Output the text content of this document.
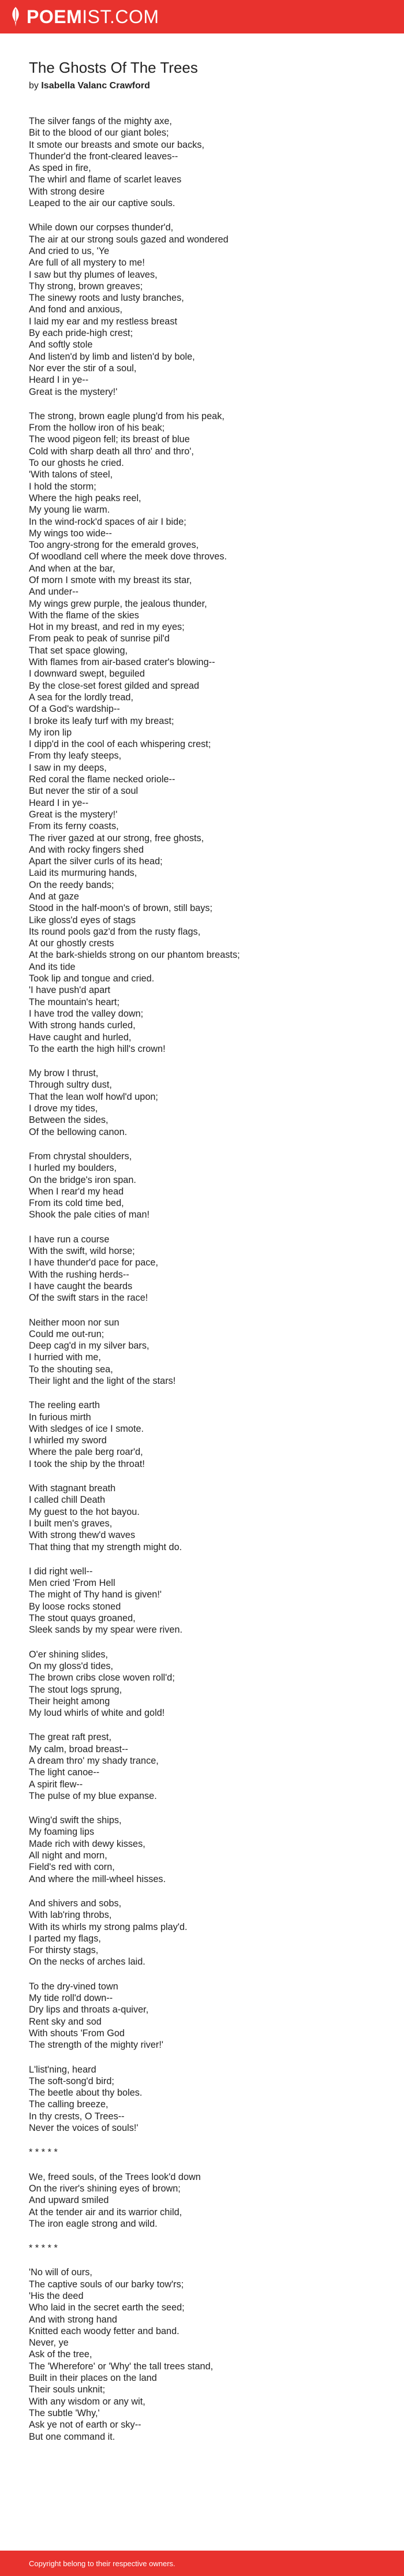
POEM IST.COM
The Ghosts Of The Trees
by Isabella Valanc Crawford
The silver fangs of the mighty axe,
Bit to the blood of our giant boles;
It smote our breasts and smote our backs,
Thunder'd the front-cleared leaves--
As sped in fire,
The whirl and flame of scarlet leaves
With strong desire
Leaped to the air our captive souls.
While down our corpses thunder'd,
The air at our strong souls gazed and wondered
And cried to us, 'Ye
Are full of all mystery to me!
I saw but thy plumes of leaves,
Thy strong, brown greaves;
The sinewy roots and lusty branches,
And fond and anxious,
I laid my ear and my restless breast
By each pride-high crest;
And softly stole
And listen'd by limb and listen'd by bole,
Nor ever the stir of a soul,
Heard I in ye--
Great is the mystery!'
The strong, brown eagle plung'd from his peak,
From the hollow iron of his beak;
The wood pigeon fell; its breast of blue
Cold with sharp death all thro' and thro',
To our ghosts he cried.
'With talons of steel,
I hold the storm;
Where the high peaks reel,
My young lie warm.
In the wind-rock'd spaces of air I bide;
My wings too wide--
Too angry-strong for the emerald groves,
Of woodland cell where the meek dove throves.
And when at the bar,
Of morn I smote with my breast its star,
And under--
My wings grew purple, the jealous thunder,
With the flame of the skies
Hot in my breast, and red in my eyes;
From peak to peak of sunrise pil'd
That set space glowing,
With flames from air-based crater's blowing--
I downward swept, beguiled
By the close-set forest gilded and spread
A sea for the lordly tread,
Of a God's wardship--
I broke its leafy turf with my breast;
My iron lip
I dipp'd in the cool of each whispering crest;
From thy leafy steeps,
I saw in my deeps,
Red coral the flame necked oriole--
But never the stir of a soul
Heard I in ye--
Great is the mystery!'
From its ferny coasts,
The river gazed at our strong, free ghosts,
And with rocky fingers shed
Apart the silver curls of its head;
Laid its murmuring hands,
On the reedy bands;
And at gaze
Stood in the half-moon's of brown, still bays;
Like gloss'd eyes of stags
Its round pools gaz'd from the rusty flags,
At our ghostly crests
At the bark-shields strong on our phantom breasts;
And its tide
Took lip and tongue and cried.
'I have push'd apart
The mountain's heart;
I have trod the valley down;
With strong hands curled,
Have caught and hurled,
To the earth the high hill's crown!
My brow I thrust,
Through sultry dust,
That the lean wolf howl'd upon;
I drove my tides,
Between the sides,
Of the bellowing canon.
From chrystal shoulders,
I hurled my boulders,
On the bridge's iron span.
When I rear'd my head
From its cold time bed,
Shook the pale cities of man!
I have run a course
With the swift, wild horse;
I have thunder'd pace for pace,
With the rushing herds--
I have caught the beards
Of the swift stars in the race!
Neither moon nor sun
Could me out-run;
Deep cag'd in my silver bars,
I hurried with me,
To the shouting sea,
Their light and the light of the stars!
The reeling earth
In furious mirth
With sledges of ice I smote.
I whirled my sword
Where the pale berg roar'd,
I took the ship by the throat!
With stagnant breath
I called chill Death
My guest to the hot bayou.
I built men's graves,
With strong thew'd waves
That thing that my strength might do.
I did right well--
Men cried 'From Hell
The might of Thy hand is given!'
By loose rocks stoned
The stout quays groaned,
Sleek sands by my spear were riven.
O'er shining slides,
On my gloss'd tides,
The brown cribs close woven roll'd;
The stout logs sprung,
Their height among
My loud whirls of white and gold!
The great raft prest,
My calm, broad breast--
A dream thro' my shady trance,
The light canoe--
A spirit flew--
The pulse of my blue expanse.
Wing'd swift the ships,
My foaming lips
Made rich with dewy kisses,
All night and morn,
Field's red with corn,
And where the mill-wheel hisses.
And shivers and sobs,
With lab'ring throbs,
With its whirls my strong palms play'd.
I parted my flags,
For thirsty stags,
On the necks of arches laid.
To the dry-vined town
My tide roll'd down--
Dry lips and throats a-quiver,
Rent sky and sod
With shouts 'From God
The strength of the mighty river!'
L'list'ning, heard
The soft-song'd bird;
The beetle about thy boles.
The calling breeze,
In thy crests, O Trees--
Never the voices of souls!'
* * * * *
We, freed souls, of the Trees look'd down
On the river's shining eyes of brown;
And upward smiled
At the tender air and its warrior child,
The iron eagle strong and wild.
* * * * *
'No will of ours,
The captive souls of our barky tow'rs;
'His the deed
Who laid in the secret earth the seed;
And with strong hand
Knitted each woody fetter and band.
Never, ye
Ask of the tree,
The 'Wherefore' or 'Why' the tall trees stand,
Built in their places on the land
Their souls unknit;
With any wisdom or any wit,
The subtle 'Why,'
Ask ye not of earth or sky--
But one command it.
Copyright belong to their respective owners.
